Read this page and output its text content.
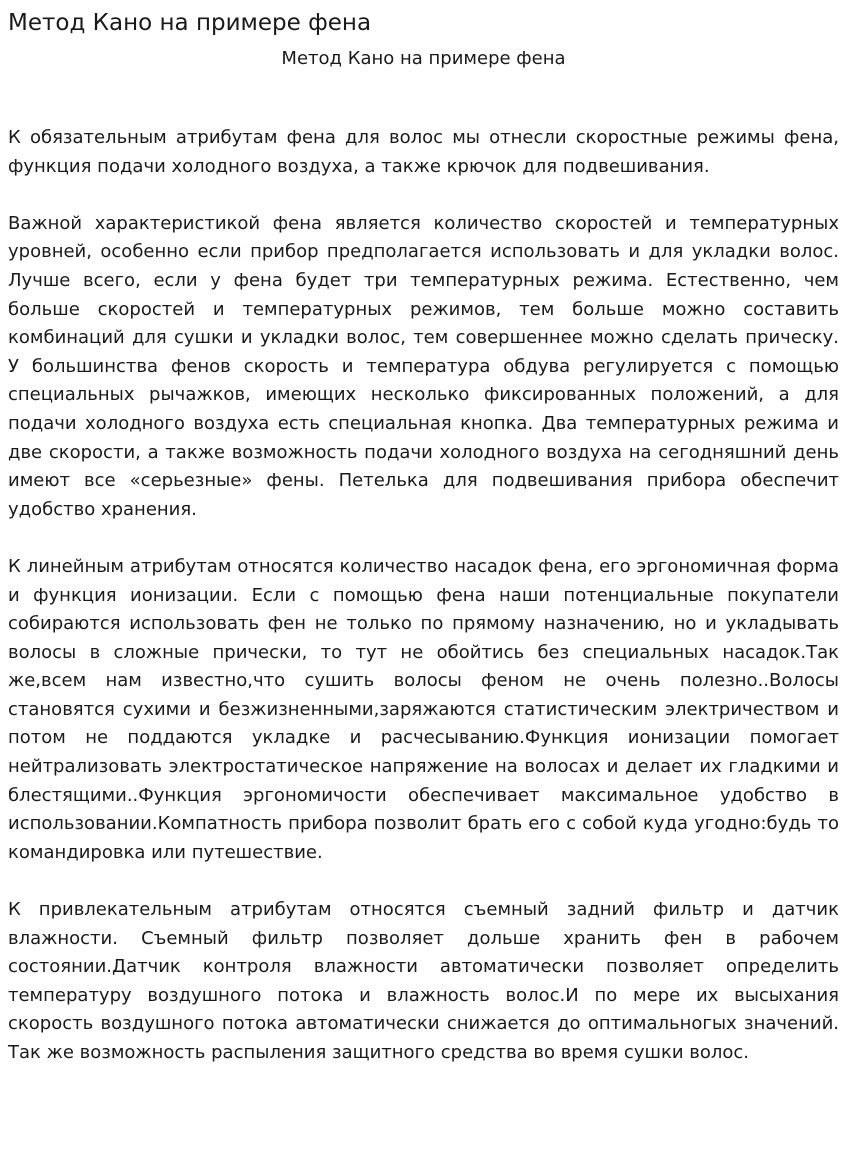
Метод Кано на примере фена
Метод Кано на примере фена

К обязательным атрибутам фена для волос мы отнесли скоростные режимы фена, функция подачи холодного воздуха, а также крючок для подвешивания.

Важной характеристикой фена является количество скоростей и температурных уровней, особенно если прибор предполагается использовать и для укладки волос. Лучше всего, если у фена будет три температурных режима. Естественно, чем больше скоростей и температурных режимов, тем больше можно составить комбинаций для сушки и укладки волос, тем совершеннее можно сделать прическу. У большинства фенов скорость и температура обдува регулируется с помощью специальных рычажков, имеющих несколько фиксированных положений, а для подачи холодного воздуха есть специальная кнопка. Два температурных режима и две скорости, а также возможность подачи холодного воздуха на сегодняшний день имеют все «серьезные» фены. Петелька для подвешивания прибора обеспечит удобство хранения.

К линейным атрибутам относятся количество насадок фена, его эргономичная форма и функция ионизации. Если с помощью фена наши потенциальные покупатели собираются использовать фен не только по прямому назначению, но и укладывать волосы в сложные прически, то тут не обойтись без специальных насадок.Так же,всем нам известно,что сушить волосы феном не очень полезно..Волосы становятся сухими и безжизненными,заряжаются статистическим электричеством и потом не поддаются укладке и расчесыванию.Функция ионизации помогает нейтрализовать электростатическое напряжение на волосах и делает их гладкими и блестящими..Функция эргономичости обеспечивает максимальное удобство в использовании.Компатность прибора позволит брать его с собой куда угодно:будь то командировка или путешествие.

К привлекательным атрибутам относятся съемный задний фильтр и датчик влажности. Съемный фильтр позволяет дольше хранить фен в рабочем состоянии.Датчик контроля влажности автоматически позволяет определить температуру воздушного потока и влажность волос.И по мере их высыхания скорость воздушного потока автоматически снижается до оптимальногых значений. Так же возможность распыления защитного средства во время сушки волос.
